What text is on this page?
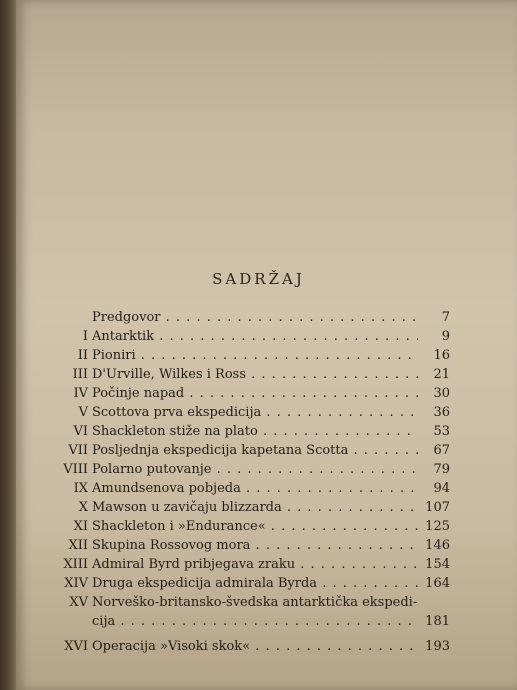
SADRŽAJ
Predgovor . . .	7
I Antarktik . . .	9
II Pioniri . . .	16
III D'Urville, Wilkes i Ross . . .	21
IV Počinje napad . . .	30
V Scottova prva ekspedicija . . .	36
VI Shackleton stiže na plato . . .	53
VII Posljednja ekspedicija kapetana Scotta . . .	67
VIII Polarno putovanje . . .	79
IX Amundsenova pobjeda . . .	94
X Mawson u zavičaju blizzarda . . .	107
XI Shackleton i »Endurance« . . .	125
XII Skupina Rossovog mora . . .	146
XIII Admiral Byrd pribjegava zraku . . .	154
XIV Druga ekspedicija admirala Byrda . . .	164
XV Norveško-britansko-švedska antarktička ekspedi-
cija . . .	181
XVI Operacija »Visoki skok« . . .	193
